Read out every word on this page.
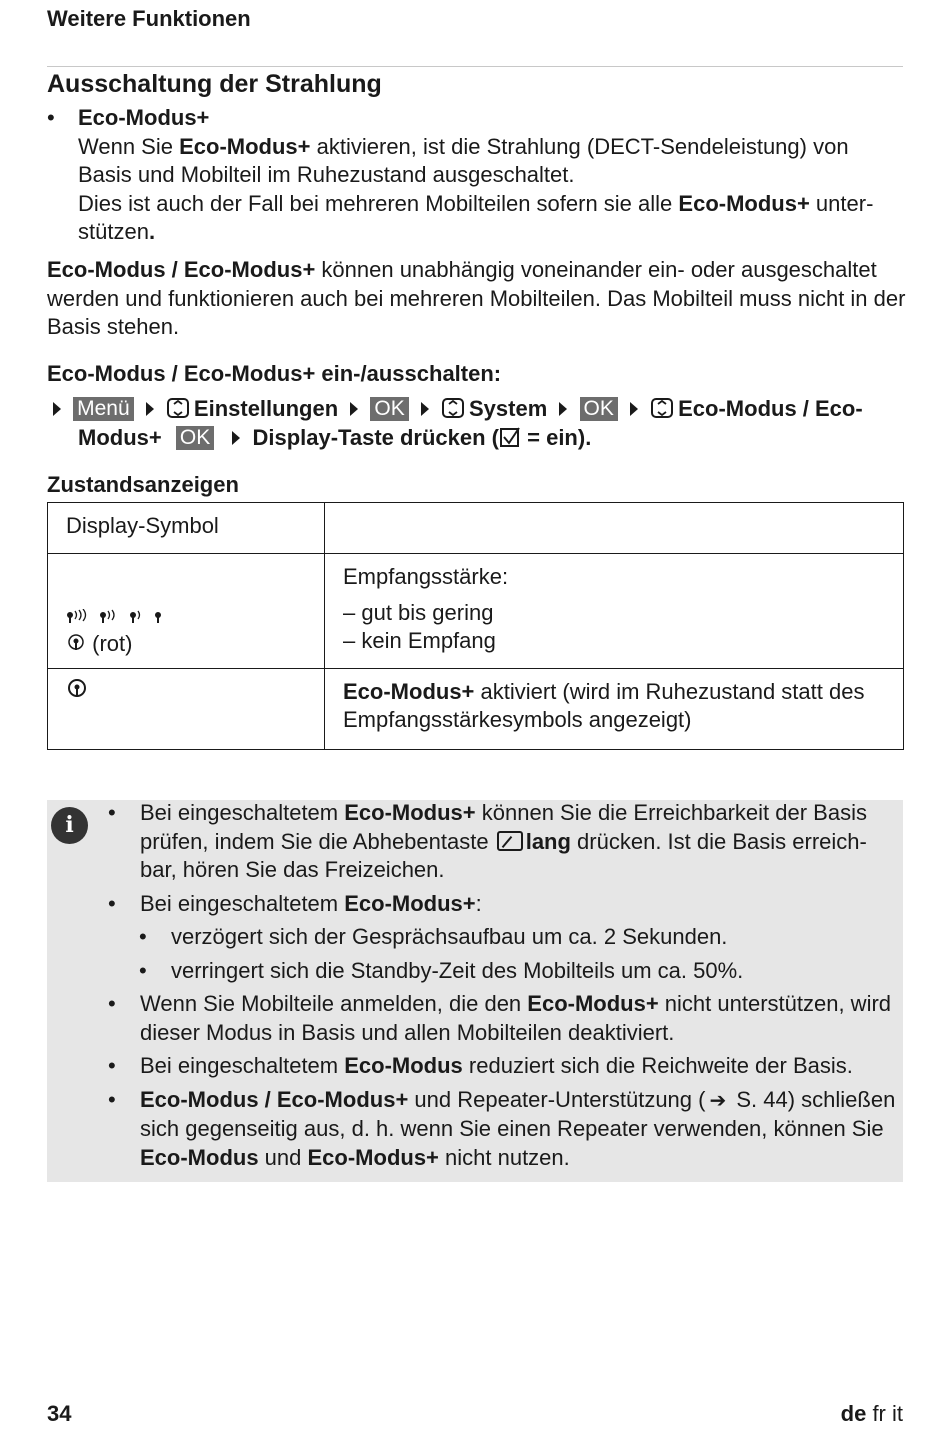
Weitere Funktionen
Ausschaltung der Strahlung
• Eco-Modus+
Wenn Sie Eco-Modus+ aktivieren, ist die Strahlung (DECT-Sendeleistung) von Basis und Mobilteil im Ruhezustand ausgeschaltet.
Dies ist auch der Fall bei mehreren Mobilteilen sofern sie alle Eco-Modus+ unter-
stützen.
Eco-Modus / Eco-Modus+ können unabhängig voneinander ein- oder ausgeschaltet werden und funktionieren auch bei mehreren Mobilteilen. Das Mobilteil muss nicht in der Basis stehen.
Eco-Modus / Eco-Modus+ ein-/ausschalten:
Menü	Einstellungen OK	System OK	Eco-Modus / Eco-
Modus+ OK Display-Taste drücken ( = ein).
Zustandsanzeigen
Display-Symbol	

(rot)	Empfangsstärke:
– gut bis gering
– kein Empfang

	Eco-Modus+ aktiviert (wird im Ruhezustand statt des Empfangsstärkesymbols angezeigt)
i	• Bei eingeschaltetem Eco-Modus+ können Sie die Erreichbarkeit der Basis prüfen, indem Sie die Abhebentaste lang drücken. Ist die Basis erreich-bar, hören Sie das Freizeichen.
• Bei eingeschaltetem Eco-Modus+:
• verzögert sich der Gesprächsaufbau um ca. 2 Sekunden.
• verringert sich die Standby-Zeit des Mobilteils um ca. 50%.
• Wenn Sie Mobilteile anmelden, die den Eco-Modus+ nicht unterstützen, wird dieser Modus in Basis und allen Mobilteilen deaktiviert.
• Bei eingeschaltetem Eco-Modus reduziert sich die Reichweite der Basis.
• Eco-Modus / Eco-Modus+ und Repeater-Unterstützung ( ➔ S. 44) schließen sich gegenseitig aus, d. h. wenn Sie einen Repeater verwenden, können Sie Eco-Modus und Eco-Modus+ nicht nutzen.
34	de fr it
